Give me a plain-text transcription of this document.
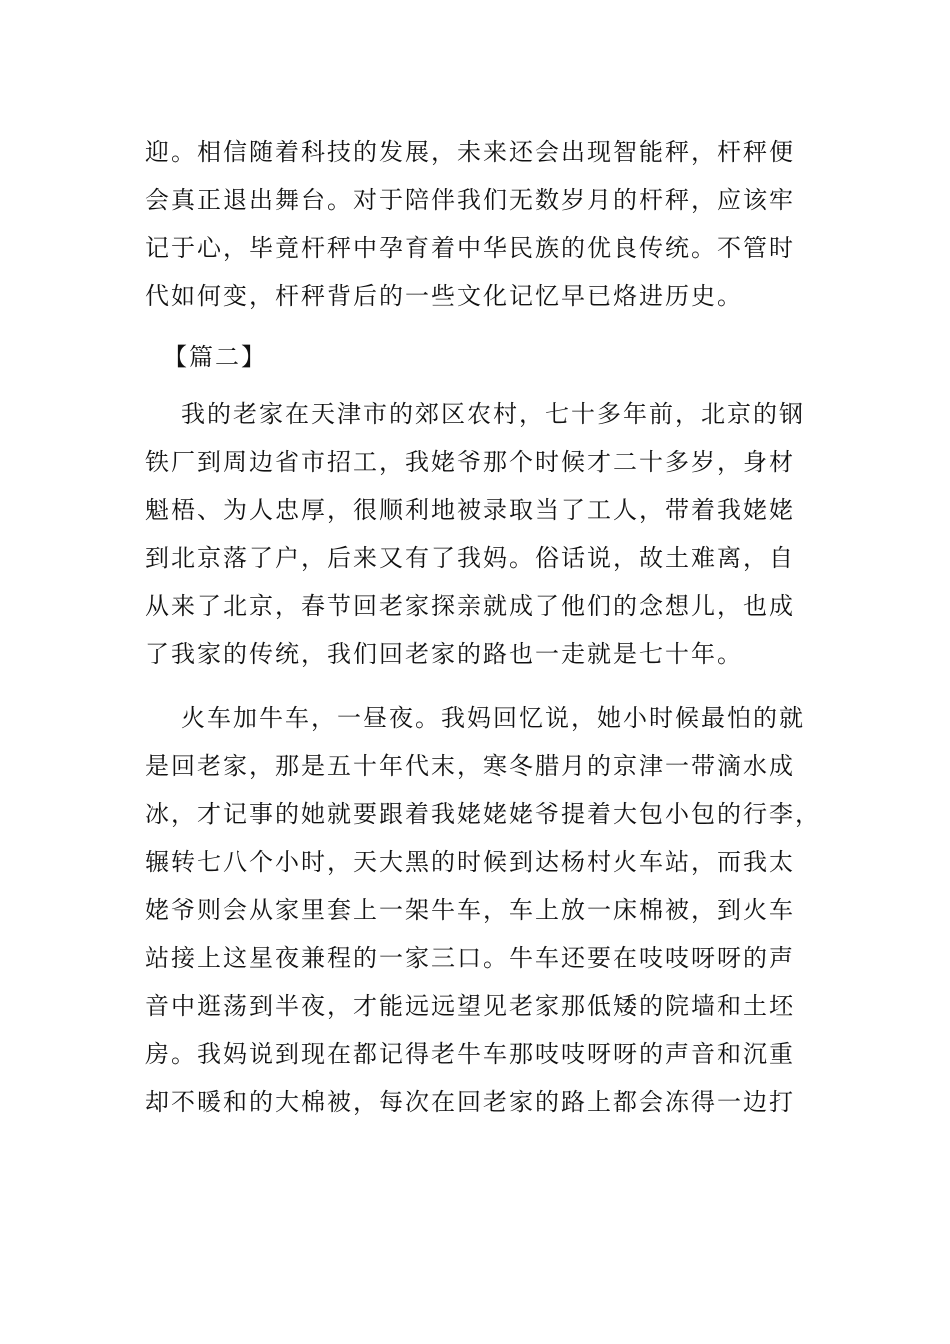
迎。相信随着科技的发展，未来还会出现智能秤，杆秤便
会真正退出舞台。对于陪伴我们无数岁月的杆秤，应该牢
记于心，毕竟杆秤中孕育着中华民族的优良传统。不管时
代如何变，杆秤背后的一些文化记忆早已烙进历史。
【篇二】
我的老家在天津市的郊区农村，七十多年前，北京的钢
铁厂到周边省市招工，我姥爷那个时候才二十多岁，身材
魁梧、为人忠厚，很顺利地被录取当了工人，带着我姥姥
到北京落了户，后来又有了我妈。俗话说，故土难离，自
从来了北京，春节回老家探亲就成了他们的念想儿，也成
了我家的传统，我们回老家的路也一走就是七十年。
火车加牛车，一昼夜。我妈回忆说，她小时候最怕的就
是回老家，那是五十年代末，寒冬腊月的京津一带滴水成
冰，才记事的她就要跟着我姥姥姥爷提着大包小包的行李，
辗转七八个小时，天大黑的时候到达杨村火车站，而我太
姥爷则会从家里套上一架牛车，车上放一床棉被，到火车
站接上这星夜兼程的一家三口。牛车还要在吱吱呀呀的声
音中逛荡到半夜，才能远远望见老家那低矮的院墙和土坯
房。我妈说到现在都记得老牛车那吱吱呀呀的声音和沉重
却不暖和的大棉被，每次在回老家的路上都会冻得一边打
